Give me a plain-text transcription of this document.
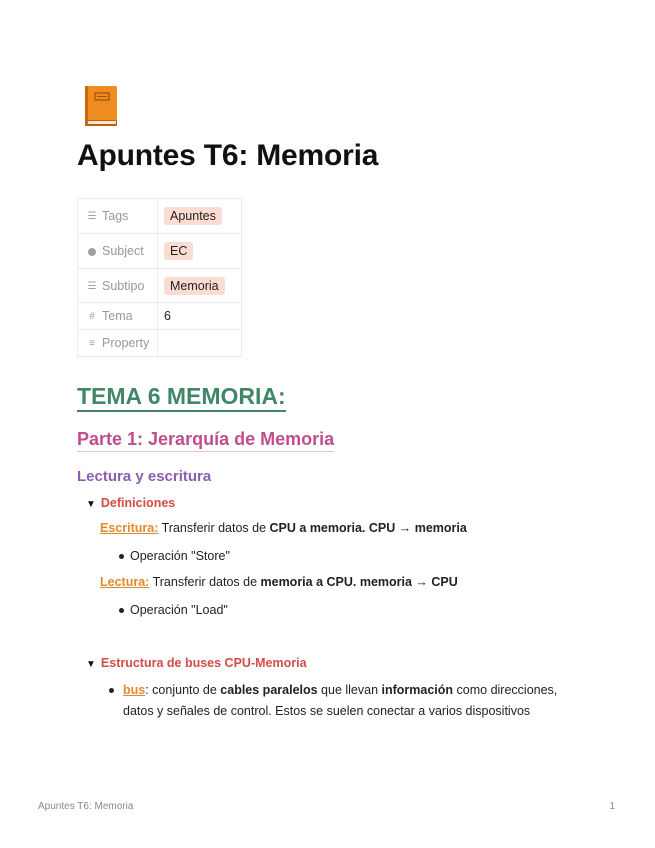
Apuntes T6: Memoria
☰ Tags	Apuntes
Subject	EC
☰ Subtipo	Memoria
# Tema	6
≡ Property	
TEMA 6 MEMORIA:
Parte 1: Jerarquía de Memoria
Lectura y escritura
▼ Definiciones
Escritura: Transferir datos de CPU a memoria. CPU → memoria
Operación "Store"
Lectura: Transferir datos de memoria a CPU. memoria → CPU
Operación "Load"
▼ Estructura de buses CPU-Memoria
bus: conjunto de cables paralelos que llevan información como direcciones, datos y señales de control. Estos se suelen conectar a varios dispositivos
Apuntes T6: Memoria	1
